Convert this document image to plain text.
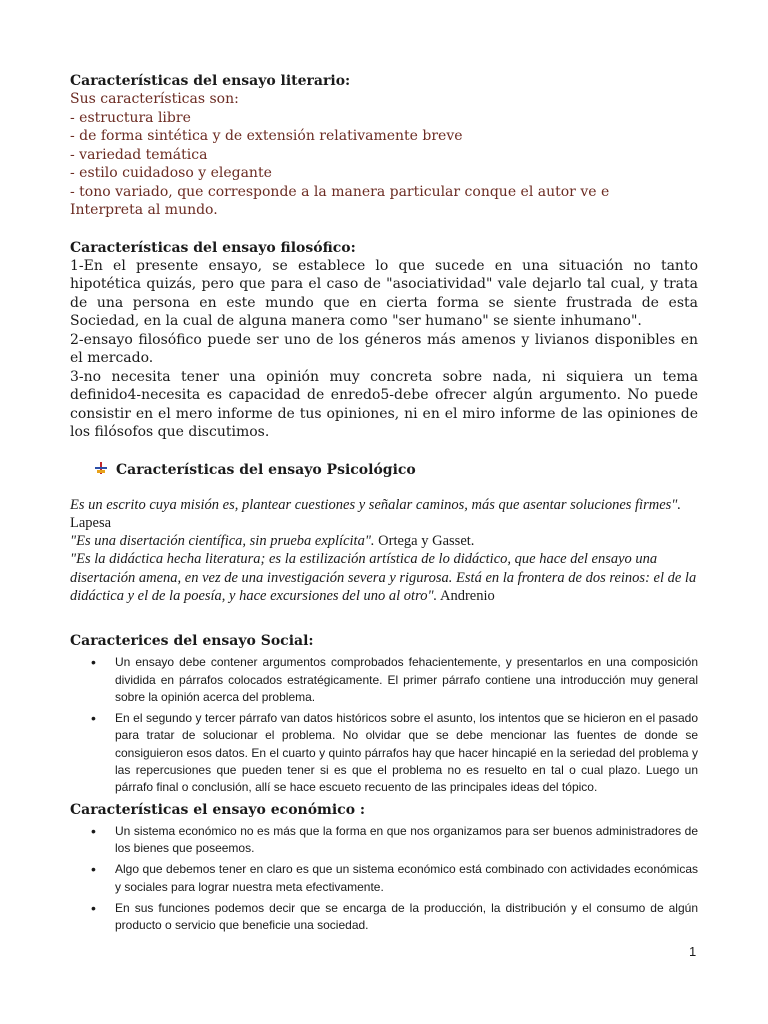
Características del ensayo literario:
Sus características son:
- estructura libre
- de forma sintética y de extensión relativamente breve
- variedad temática
- estilo cuidadoso y elegante
- tono variado, que corresponde a la manera particular conque el autor ve e
Interpreta al mundo.
Características del ensayo filosófico:
1-En el presente ensayo, se establece lo que sucede en una situación no tanto hipotética quizás, pero que para el caso de "asociatividad" vale dejarlo tal cual, y trata de una persona en este mundo que en cierta forma se siente frustrada de esta Sociedad, en la cual de alguna manera como "ser humano" se siente inhumano".
2-ensayo filosófico puede ser uno de los géneros más amenos y livianos disponibles en el mercado.
3-no necesita tener una opinión muy concreta sobre nada, ni siquiera un tema definido4-necesita es capacidad de enredo5-debe ofrecer algún argumento. No puede consistir en el mero informe de tus opiniones, ni en el miro informe de las opiniones de los filósofos que discutimos.
Características del ensayo Psicológico
Es un escrito cuya misión es, plantear cuestiones y señalar caminos, más que asentar soluciones firmes". Lapesa
"Es una disertación científica, sin prueba explícita". Ortega y Gasset.
"Es la didáctica hecha literatura; es la estilización artística de lo didáctico, que hace del ensayo una disertación amena, en vez de una investigación severa y rigurosa. Está en la frontera de dos reinos: el de la didáctica y el de la poesía, y hace excursiones del uno al otro". Andrenio
Caracterices del ensayo Social:
• Un ensayo debe contener argumentos comprobados fehacientemente, y presentarlos en una composición dividida en párrafos colocados estratégicamente. El primer párrafo contiene una introducción muy general sobre la opinión acerca del problema.
• En el segundo y tercer párrafo van datos históricos sobre el asunto, los intentos que se hicieron en el pasado para tratar de solucionar el problema. No olvidar que se debe mencionar las fuentes de donde se consiguieron esos datos. En el cuarto y quinto párrafos hay que hacer hincapié en la seriedad del problema y las repercusiones que pueden tener si es que el problema no es resuelto en tal o cual plazo. Luego un párrafo final o conclusión, allí se hace escueto recuento de las principales ideas del tópico.
Características el ensayo económico :
• Un sistema económico no es más que la forma en que nos organizamos para ser buenos administradores de los bienes que poseemos.
• Algo que debemos tener en claro es que un sistema económico está combinado con actividades económicas y sociales para lograr nuestra meta efectivamente.
• En sus funciones podemos decir que se encarga de la producción, la distribución y el consumo de algún producto o servicio que beneficie una sociedad.
1
